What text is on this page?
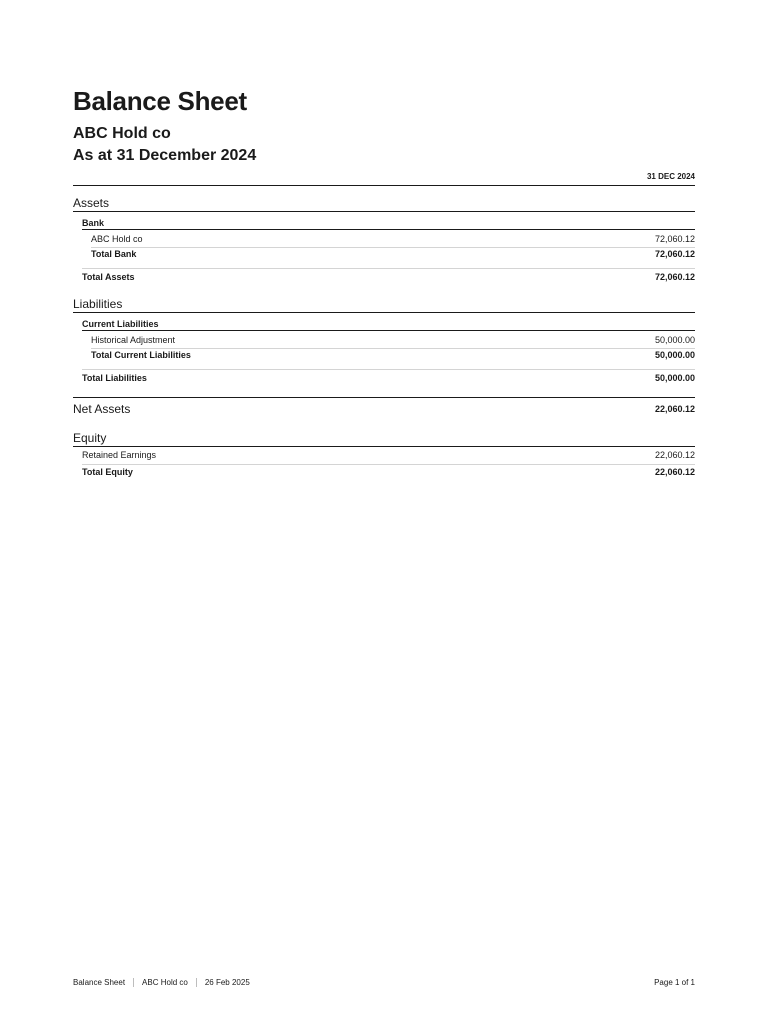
Balance Sheet
ABC Hold co
As at 31 December 2024
31 DEC 2024
Assets
Bank
ABC Hold co	72,060.12
Total Bank	72,060.12
Total Assets	72,060.12
Liabilities
Current Liabilities
Historical Adjustment	50,000.00
Total Current Liabilities	50,000.00
Total Liabilities	50,000.00
Net Assets	22,060.12
Equity
Retained Earnings	22,060.12
Total Equity	22,060.12
Balance Sheet ABC Hold co 26 Feb 2025	Page 1 of 1
